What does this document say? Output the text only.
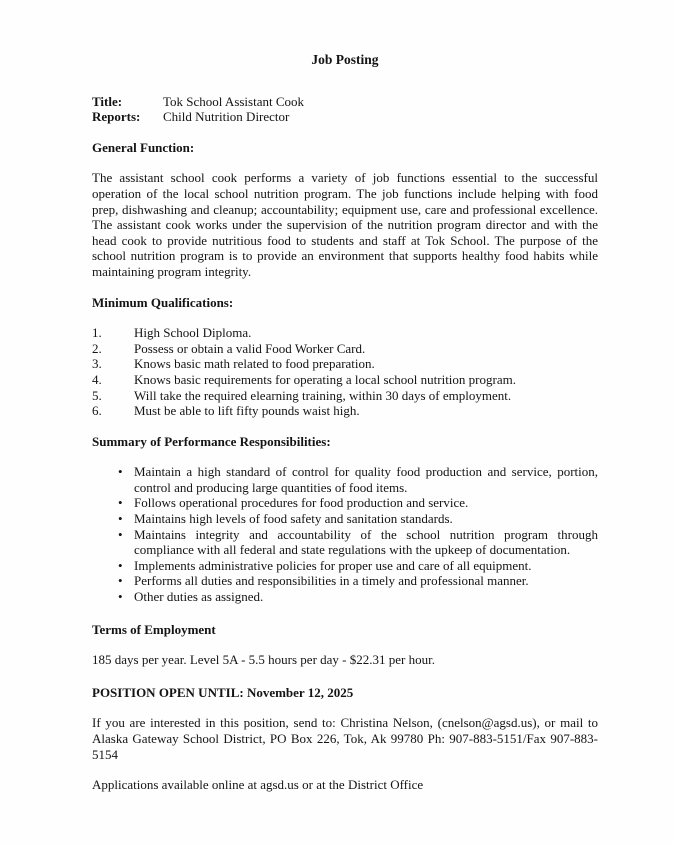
Job Posting
Title:	Tok School Assistant Cook
Reports:	Child Nutrition Director
General Function:

The assistant school cook performs a variety of job functions essential to the successful operation of the local school nutrition program. The job functions include helping with food prep, dishwashing and cleanup; accountability; equipment use, care and professional excellence. The assistant cook works under the supervision of the nutrition program director and with the head cook to provide nutritious food to students and staff at Tok School. The purpose of the school nutrition program is to provide an environment that supports healthy food habits while maintaining program integrity.

Minimum Qualifications:
1.	High School Diploma.
2.	Possess or obtain a valid Food Worker Card.
3.	Knows basic math related to food preparation.
4.	Knows basic requirements for operating a local school nutrition program.
5.	Will take the required elearning training, within 30 days of employment.
6.	Must be able to lift fifty pounds waist high.
Summary of Performance Responsibilities:
• Maintain a high standard of control for quality food production and service, portion, control and producing large quantities of food items.
• Follows operational procedures for food production and service.
• Maintains high levels of food safety and sanitation standards.
• Maintains integrity and accountability of the school nutrition program through compliance with all federal and state regulations with the upkeep of documentation.
• Implements administrative policies for proper use and care of all equipment.
• Performs all duties and responsibilities in a timely and professional manner.
• Other duties as assigned.
Terms of Employment

185 days per year. Level 5A - 5.5 hours per day - $22.31 per hour.

POSITION OPEN UNTIL: November 12, 2025

If you are interested in this position, send to: Christina Nelson, (cnelson@agsd.us), or mail to Alaska Gateway School District, PO Box 226, Tok, Ak 99780 Ph: 907-883-5151/Fax 907-883-5154

Applications available online at agsd.us or at the District Office
